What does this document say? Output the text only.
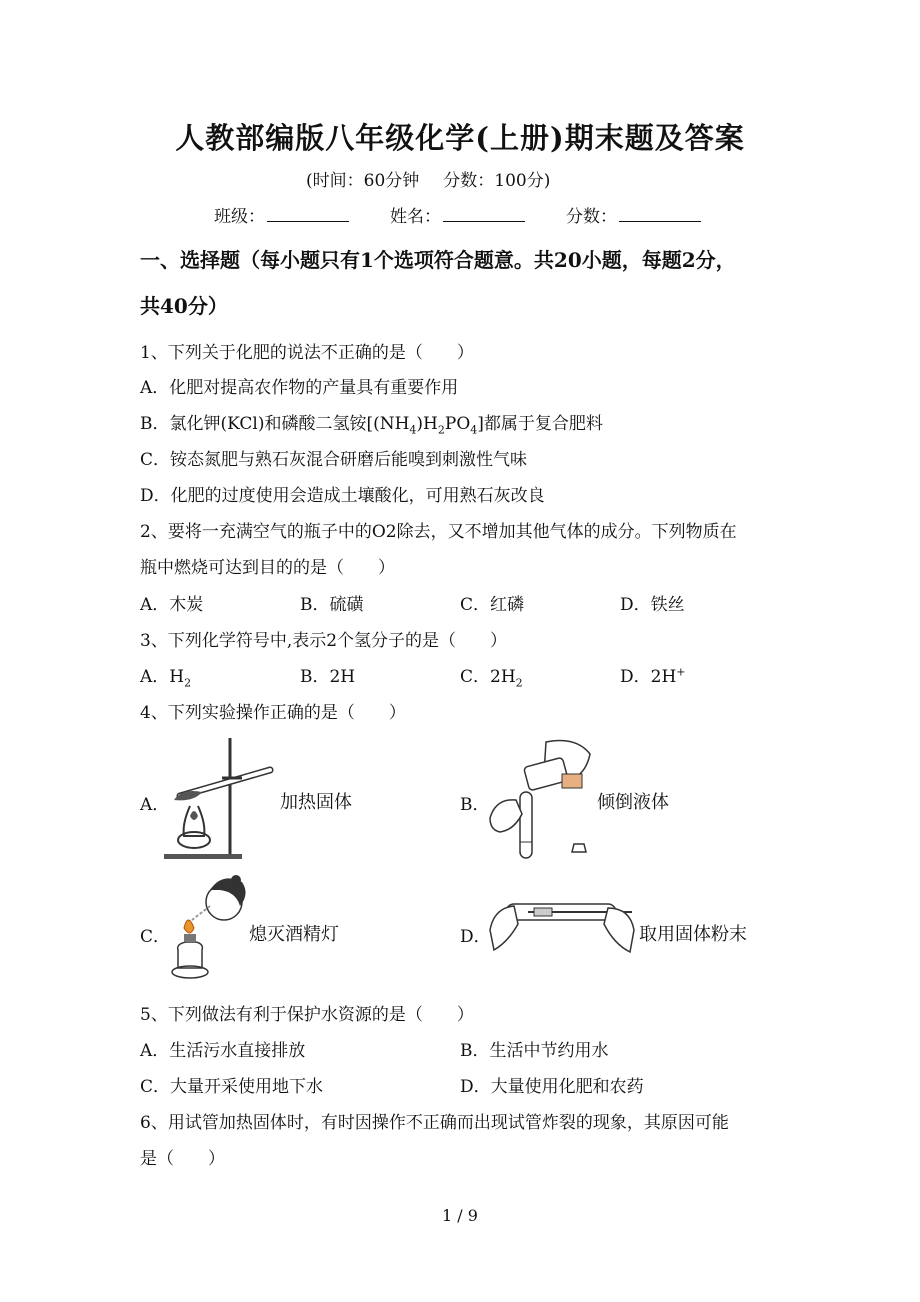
人教部编版八年级化学(上册)期末题及答案
(时间：60分钟 分数：100分)
班级：	姓名：	分数：
一、选择题（每小题只有1个选项符合题意。共20小题，每题2分，
共40分）
1、下列关于化肥的说法不正确的是（　　）
A．化肥对提高农作物的产量具有重要作用
B．氯化钾(KCl)和磷酸二氢铵$[(NH_4)H_2PO_4]$都属于复合肥料
C．铵态氮肥与熟石灰混合研磨后能嗅到刺激性气味
D．化肥的过度使用会造成土壤酸化，可用熟石灰改良
2、要将一充满空气的瓶子中的O2除去，又不增加其他气体的成分。下列物质在
瓶中燃烧可达到目的的是（　　）
A．木炭	B．硫磺	C．红磷	D．铁丝
3、下列化学符号中,表示2个氢分子的是（　　）
A．$H_2$	B．2H	C．$2H_2$	D．2H+
4、下列实验操作正确的是（　　）
A．	加热固体	B．	倾倒液体
C．	熄灭酒精灯	D．	取用固体粉末
5、下列做法有利于保护水资源的是（　　）
A．生活污水直接排放	B．生活中节约用水
C．大量开采使用地下水	D．大量使用化肥和农药
6、用试管加热固体时，有时因操作不正确而出现试管炸裂的现象，其原因可能
是（　　）
1 / 9
